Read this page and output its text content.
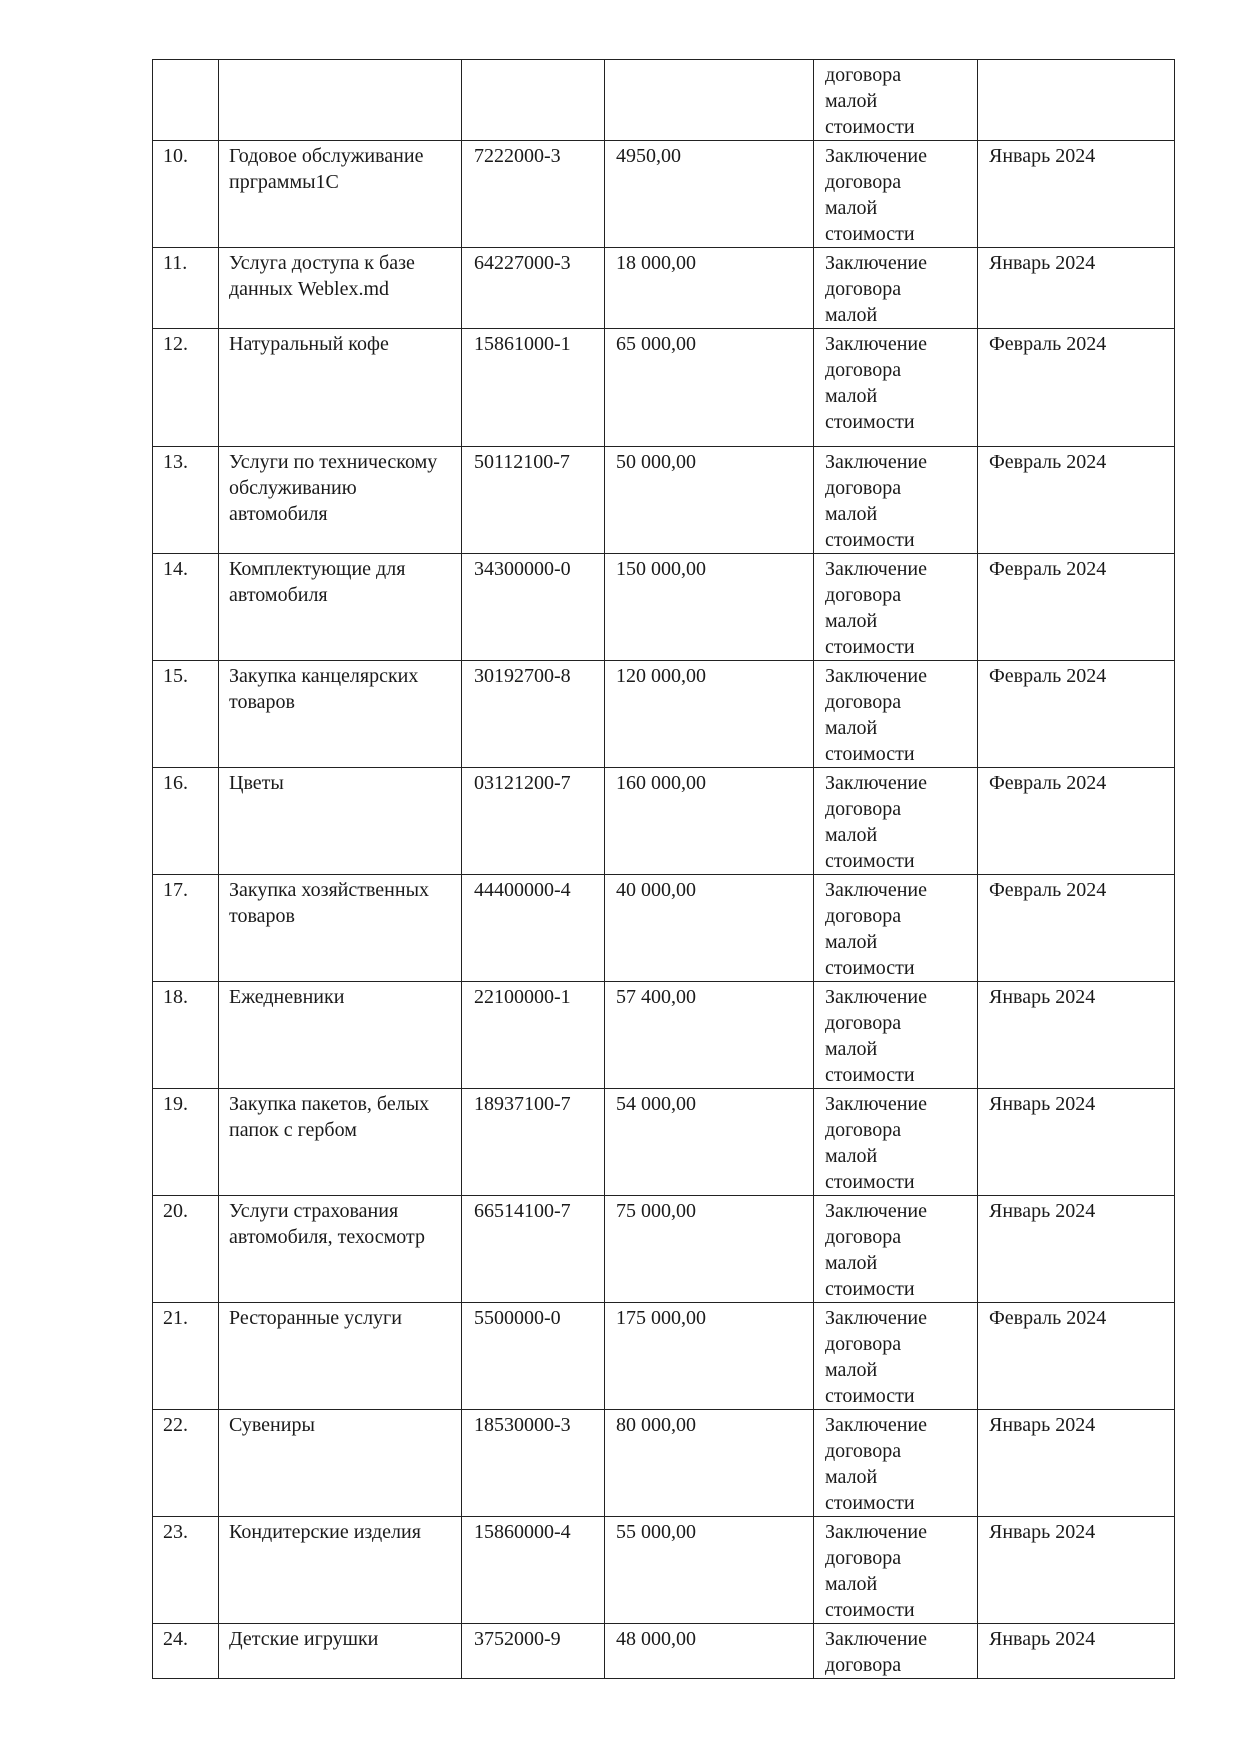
				договора
малой
стоимости	

10.	Годовое обслуживание прграммы1С	7222000-3	4950,00	Заключение
договора
малой
стоимости	Январь 2024
11.	Услуга доступа к базе данных Weblex.md	64227000-3	18 000,00	Заключение
договора
малой	Январь 2024
12.	Натуральный кофе	15861000-1	65 000,00	Заключение
договора
малой
стоимости	Февраль 2024
13.	Услуги по техническому обслуживанию автомобиля	50112100-7	50 000,00	Заключение
договора
малой
стоимости	Февраль 2024
14.	Комплектующие для автомобиля	34300000-0	150 000,00	Заключение
договора
малой
стоимости	Февраль 2024
15.	Закупка канцелярских товаров	30192700-8	120 000,00	Заключение
договора
малой
стоимости	Февраль 2024
16.	Цветы	03121200-7	160 000,00	Заключение
договора
малой
стоимости	Февраль 2024
17.	Закупка хозяйственных товаров	44400000-4	40 000,00	Заключение
договора
малой
стоимости	Февраль 2024
18.	Ежедневники	22100000-1	57 400,00	Заключение
договора
малой
стоимости	Январь 2024
19.	Закупка пакетов, белых папок с гербом	18937100-7	54 000,00	Заключение
договора
малой
стоимости	Январь 2024
20.	Услуги страхования автомобиля, техосмотр	66514100-7	75 000,00	Заключение
договора
малой
стоимости	Январь 2024
21.	Ресторанные услуги	5500000-0	175 000,00	Заключение
договора
малой
стоимости	Февраль 2024
22.	Сувениры	18530000-3	80 000,00	Заключение
договора
малой
стоимости	Январь 2024
23.	Кондитерские изделия	15860000-4	55 000,00	Заключение
договора
малой
стоимости	Январь 2024
24.	Детские игрушки	3752000-9	48 000,00	Заключение
договора	Январь 2024
